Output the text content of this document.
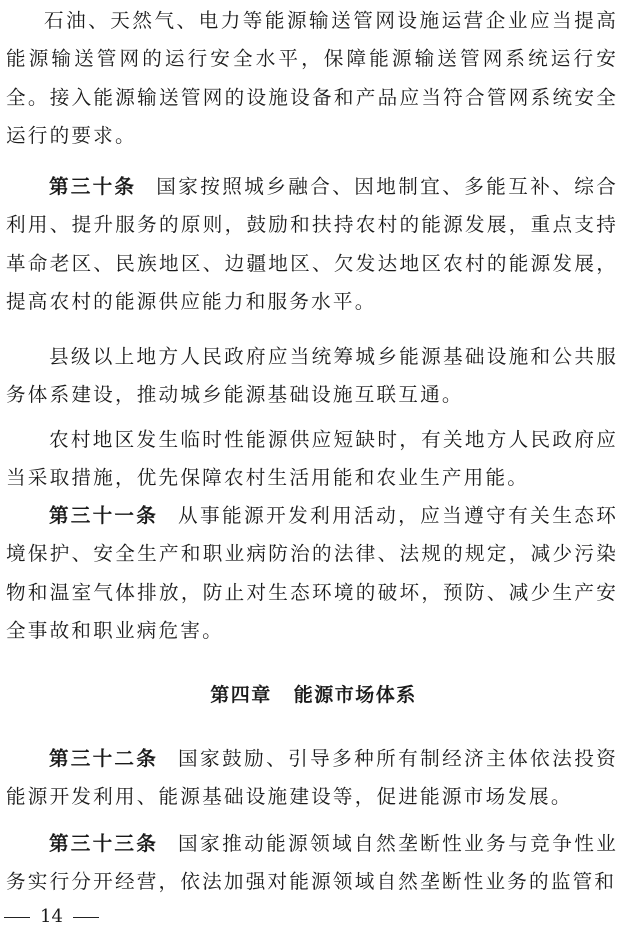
石油、天然气、电力等能源输送管网设施运营企业应当提高能源输送管网的运行安全水平，保障能源输送管网系统运行安全。接入能源输送管网的设施设备和产品应当符合管网系统安全运行的要求。

第三十条 国家按照城乡融合、因地制宜、多能互补、综合利用、提升服务的原则，鼓励和扶持农村的能源发展，重点支持革命老区、民族地区、边疆地区、欠发达地区农村的能源发展，提高农村的能源供应能力和服务水平。

县级以上地方人民政府应当统筹城乡能源基础设施和公共服务体系建设，推动城乡能源基础设施互联互通。

农村地区发生临时性能源供应短缺时，有关地方人民政府应当采取措施，优先保障农村生活用能和农业生产用能。

第三十一条 从事能源开发利用活动，应当遵守有关生态环境保护、安全生产和职业病防治的法律、法规的规定，减少污染物和温室气体排放，防止对生态环境的破坏，预防、减少生产安全事故和职业病危害。

第四章 能源市场体系

第三十二条 国家鼓励、引导多种所有制经济主体依法投资能源开发利用、能源基础设施建设等，促进能源市场发展。

第三十三条 国家推动能源领域自然垄断性业务与竞争性业务实行分开经营，依法加强对能源领域自然垄断性业务的监管和

14
